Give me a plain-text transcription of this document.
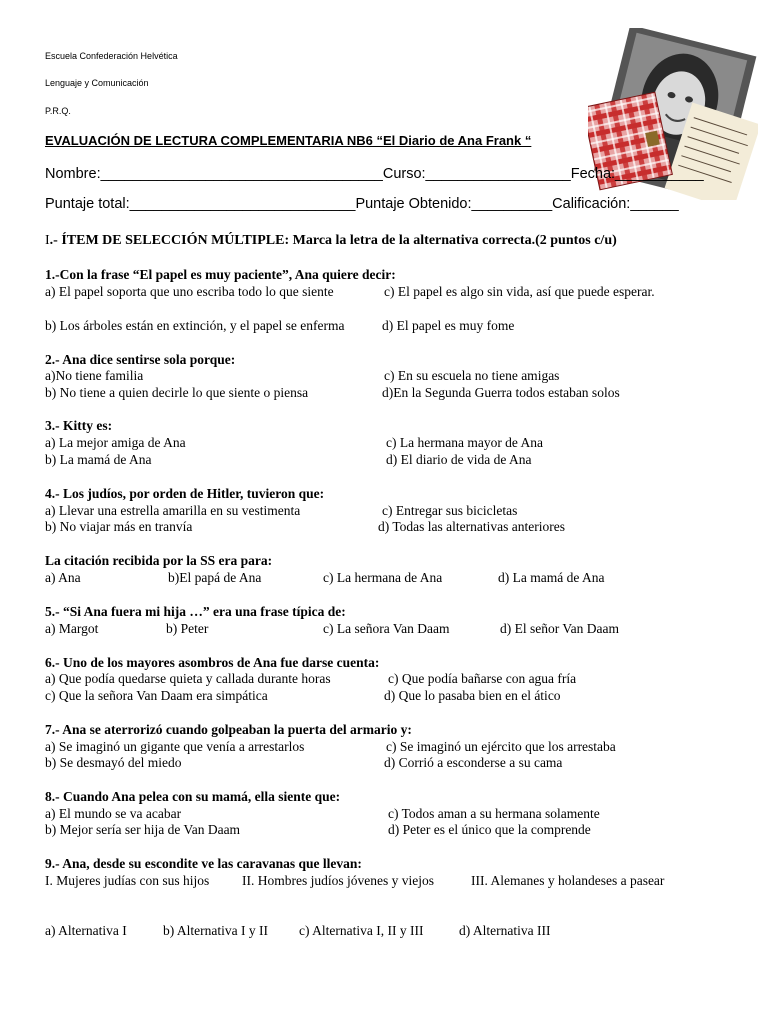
Escuela Confederación Helvética
Lenguaje y Comunicación
P.R.Q.
EVALUACIÓN DE LECTURA COMPLEMENTARIA NB6 “El Diario de Ana Frank “
Nombre:___________________________________Curso:__________________Fecha:___________
Puntaje total:____________________________Puntaje Obtenido:__________Calificación:______
I.- ÍTEM DE SELECCIÓN MÚLTIPLE: Marca la letra de la alternativa correcta.(2 puntos c/u)
1.-Con la frase “El papel es muy paciente”, Ana quiere decir:
a) El papel soporta que uno escriba todo lo que siente	c) El papel es algo sin vida, así que puede esperar.
b) Los árboles están en extinción, y el papel se enferma	d) El papel es muy fome
2.- Ana dice sentirse sola porque:
a)No tiene familia	c) En su escuela no tiene amigas
b) No tiene a quien decirle lo que siente o piensa	d)En la Segunda Guerra todos estaban solos
3.- Kitty es:
a) La mejor amiga de Ana	c) La hermana mayor de Ana
b) La mamá de Ana	d) El diario de vida de Ana
4.- Los judíos, por orden de Hitler, tuvieron que:
a) Llevar una estrella amarilla en su vestimenta	c) Entregar sus bicicletas
b) No viajar más en tranvía	d) Todas las alternativas anteriores
La citación recibida por la SS era para:
a) Ana	b)El papá de Ana	c) La hermana de Ana	d) La mamá de Ana
5.- “Si Ana fuera mi hija …” era una frase típica de:
a) Margot	b) Peter	c) La señora Van Daam	d) El señor Van Daam
6.- Uno de los mayores asombros de Ana fue darse cuenta:
a) Que podía quedarse quieta y callada durante horas	c) Que podía bañarse con agua fría
c) Que la señora Van Daam era simpática	d) Que lo pasaba bien en el ático
7.- Ana se aterrorizó cuando golpeaban la puerta del armario y:
a) Se imaginó un gigante que venía a arrestarlos	c) Se imaginó un ejército que los arrestaba
b) Se desmayó del miedo	d) Corrió a esconderse a su cama
8.- Cuando Ana pelea con su mamá, ella siente que:
a) El mundo se va acabar	c) Todos aman a su hermana solamente
b) Mejor sería ser hija de Van Daam	d) Peter es el único que la comprende
9.- Ana, desde su escondite ve las caravanas que llevan:
I. Mujeres judías con sus hijos II. Hombres judíos jóvenes y viejos	III. Alemanes y holandeses a pasear
a) Alternativa I	b) Alternativa I y II c) Alternativa I, II y III	d) Alternativa III
